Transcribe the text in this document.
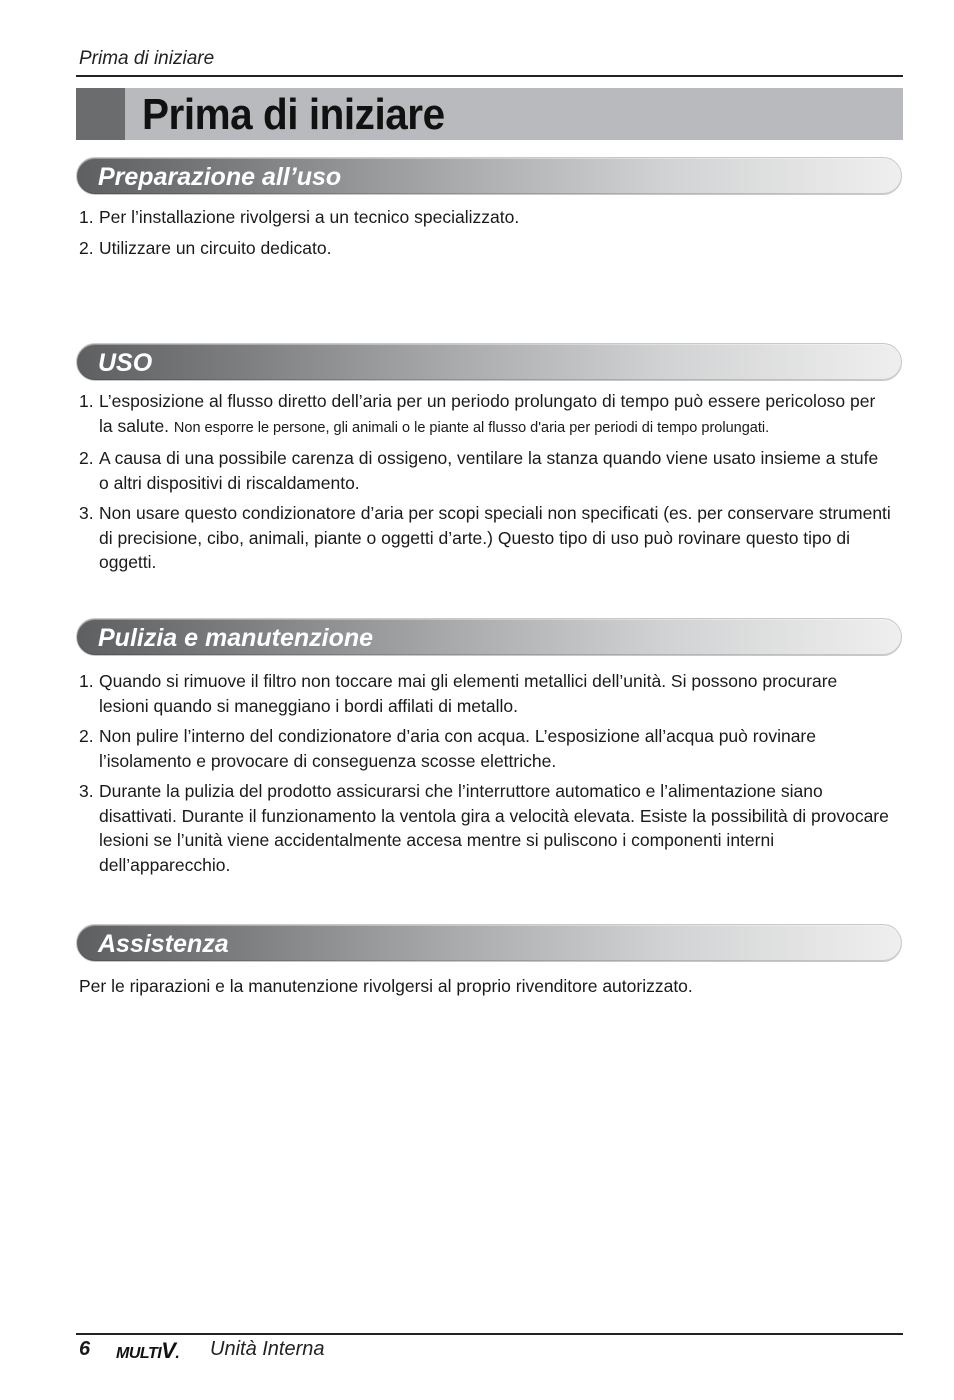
Prima di iniziare
Prima di iniziare
Preparazione all’uso
1. Per l’installazione rivolgersi a un tecnico specializzato.
2. Utilizzare un circuito dedicato.
USO
1. L’esposizione al flusso diretto dell’aria per un periodo prolungato di tempo può essere pericoloso per la salute. Non esporre le persone, gli animali o le piante al flusso d'aria per periodi di tempo prolungati.
2. A causa di una possibile carenza di ossigeno, ventilare la stanza quando viene usato insieme a stufe o altri dispositivi di riscaldamento.
3. Non usare questo condizionatore d’aria per scopi speciali non specificati (es. per conservare strumenti di precisione, cibo, animali, piante o oggetti d’arte.) Questo tipo di uso può rovinare questo tipo di oggetti.
Pulizia e manutenzione
1. Quando si rimuove il filtro non toccare mai gli elementi metallici dell’unità. Si possono procurare lesioni quando si maneggiano i bordi affilati di metallo.
2. Non pulire l’interno del condizionatore d’aria con acqua. L’esposizione all’acqua può rovinare l’isolamento e provocare di conseguenza scosse elettriche.
3. Durante la pulizia del prodotto assicurarsi che l’interruttore automatico e l’alimentazione siano disattivati. Durante il funzionamento la ventola gira a velocità elevata. Esiste la possibilità di provocare lesioni se l’unità viene accidentalmente accesa mentre si puliscono i componenti interni dell’apparecchio.
Assistenza
Per le riparazioni e la manutenzione rivolgersi al proprio rivenditore autorizzato.
6 MULTIV. Unità Interna
